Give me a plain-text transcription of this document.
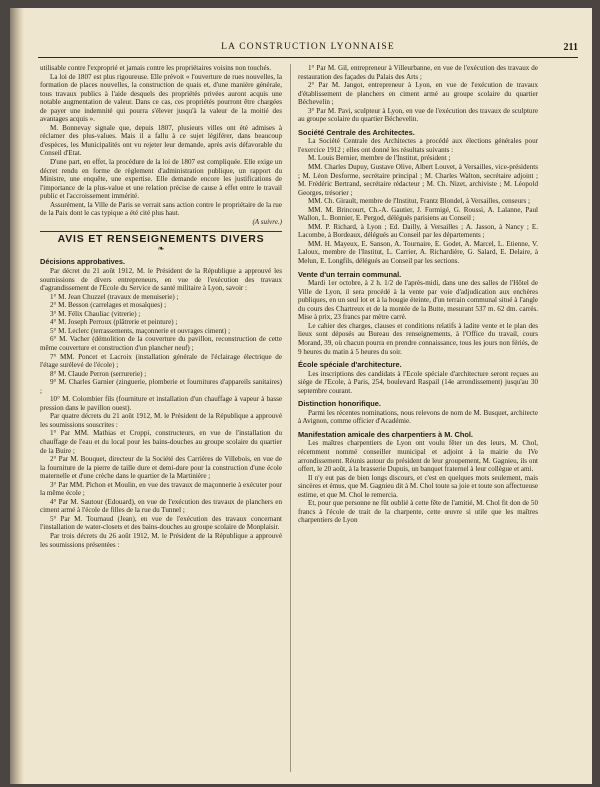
LA CONSTRUCTION LYONNAISE	211

utilisable contre l'exproprié et jamais contre les propriétaires voisins non touchés.

La loi de 1807 est plus rigoureuse. Elle prévoit « l'ouverture de rues nouvelles, la formation de places nouvelles, la construction de quais et, d'une manière générale, tous travaux publics à l'aide desquels des propriétés privées auront acquis une notable augmentation de valeur. Dans ce cas, ces propriétés pourront être chargées de payer une indemnité qui pourra s'élever jusqu'à la valeur de la moitié des avantages acquis ».

M. Bonnevay signale que, depuis 1807, plusieurs villes ont été admises à réclamer des plus-values. Mais il a fallu à ce sujet légiférer, dans beaucoup d'espèces, les Municipalités ont vu rejeter leur demande, après avis défavorable du Conseil d'Etat.

D'une part, en effet, la procédure de la loi de 1807 est compliquée. Elle exige un décret rendu en forme de règlement d'administration publique, un rapport du Ministre, une enquête, une expertise. Elle demande encore les justifications de l'importance de la plus-value et une relation précise de cause à effet entre le travail public et l'accroissement immérité.

Assurément, la Ville de Paris se verrait sans action contre le propriétaire de la rue de la Paix dont le cas typique a été cité plus haut.

(A suivre.)
AVIS ET RENSEIGNEMENTS DIVERS
❧

Décisions approbatives.

Par décret du 21 août 1912, M. le Président de la République a approuvé les soumissions de divers entrepreneurs, en vue de l'exécution des travaux d'agrandissement de l'Ecole du Service de santé militaire à Lyon, savoir :

1° M. Jean Chuzzel (travaux de menuiserie) ;

2° M. Besson (carrelages et mosaïques) ;

3° M. Félix Chauliac (vitrerie) ;

4° M. Joseph Perroux (plâtrerie et peinture) ;

5° M. Leclerc (terrassements, maçonnerie et ouvrages ciment) ;

6° M. Vacher (démolition de la couverture du pavillon, reconstruction de cette même couverture et construction d'un plancher neuf) ;

7° MM. Poncet et Lacroix (installation générale de l'éclairage électrique de l'étage surélevé de l'école) ;

8° M. Claude Perron (serrurerie) ;

9° M. Charles Garnier (zinguerie, plomberie et fournitures d'appareils sanitaires) ;

10° M. Colombier fils (fourniture et installation d'un chauffage à vapeur à basse pression dans le pavillon ouest).

Par quatre décrets du 21 août 1912, M. le Président de la République a approuvé les soumissions souscrites :

1° Par MM. Mathias et Croppi, constructeurs, en vue de l'installation du chauffage de l'eau et du local pour les bains-douches au groupe scolaire du quartier de la Buire ;

2° Par M. Bouquet, directeur de la Société des Carrières de Villebois, en vue de la fourniture de la pierre de taille dure et demi-dure pour la construction d'une école maternelle et d'une crèche dans le quartier de la Martinière ;

3° Par MM. Pichon et Moulin, en vue des travaux de maçonnerie à exécuter pour la même école ;

4° Par M. Sautour (Edouard), en vue de l'exécution des travaux de planchers en ciment armé à l'école de filles de la rue du Tunnel ;

5° Par M. Tournaud (Jean), en vue de l'exécution des travaux concernant l'installation de water-closets et des bains-douches au groupe scolaire de Monplaisir.

Par trois décrets du 26 août 1912, M. le Président de la République a approuvé les soumissions présentées :

1° Par M. Gil, entrepreneur à Villeurbanne, en vue de l'exécution des travaux de restauration des façades du Palais des Arts ;

2° Par M. Jangot, entrepreneur à Lyon, en vue de l'exécution de travaux d'établissement de planchers en ciment armé au groupe scolaire du quartier Béchevelin ;

3° Par M. Pavi, sculpteur à Lyon, en vue de l'exécution des travaux de sculpture au groupe scolaire du quartier Béchevelin.

Société Centrale des Architectes.

La Société Centrale des Architectes a procédé aux élections générales pour l'exercice 1912 ; elles ont donné les résultats suivants :

M. Louis Bernier, membre de l'Institut, président ;

MM. Charles Dupuy, Gustave Olive, Albert Louvet, à Versailles, vice-présidents ; M. Léon Desforme, secrétaire principal ; M. Charles Walton, secrétaire adjoint ; M. Frédéric Bertrand, secrétaire rédacteur ; M. Ch. Nizet, archiviste ; M. Léopold Georges, trésorier ;

MM. Ch. Girault, membre de l'Institut, Frantz Blondel, à Versailles, censeurs ;

MM. M. Brincourt, Ch.-A. Gautier, J. Formigé, G. Roussi, A. Lalanne, Paul Wallon, L. Bonnier, E. Pergod, délégués parisiens au Conseil ;

MM. P. Richard, à Lyon ; Ed. Dailly, à Versailles ; A. Jasson, à Nancy ; E. Lacombe, à Bordeaux, délégués au Conseil par les départements ;

MM. H. Mayeux, E. Sanson, A. Tournaire, E. Godet, A. Marcel, L. Etienne, V. Laloux, membre de l'Institut, L. Carrier, A. Richardière, G. Salard, E. Delaire, à Melun, E. Longfils, délégués au Conseil par les sections.

Vente d'un terrain communal.

Mardi 1er octobre, à 2 h. 1/2 de l'après-midi, dans une des salles de l'Hôtel de Ville de Lyon, il sera procédé à la vente par voie d'adjudication aux enchères publiques, en un seul lot et à la bougie éteinte, d'un terrain communal situé à l'angle du cours des Chartreux et de la montée de la Butte, mesurant 537 m. 62 dm. carrés. Mise à prix, 23 francs par mètre carré.

Le cahier des charges, clauses et conditions relatifs à ladite vente et le plan des lieux sont déposés au Bureau des renseignements, à l'Office du travail, cours Morand, 39, où chacun pourra en prendre connaissance, tous les jours non fériés, de 9 heures du matin à 5 heures du soir.

École spéciale d'architecture.

Les inscriptions des candidats à l'Ecole spéciale d'architecture seront reçues au siège de l'Ecole, à Paris, 254, boulevard Raspail (14e arrondissement) jusqu'au 30 septembre courant.

Distinction honorifique.

Parmi les récentes nominations, nous relevons de nom de M. Busquet, architecte à Avignon, comme officier d'Académie.

Manifestation amicale des charpentiers à M. Chol.

Les maîtres charpentiers de Lyon ont voulu fêter un des leurs, M. Chol, récemment nommé conseiller municipal et adjoint à la mairie du IVe arrondissement. Réunis autour du président de leur groupement, M. Gagnieu, ils ont offert, le 20 août, à la brasserie Dupuis, un banquet fraternel à leur collègue et ami.

Il n'y eut pas de bien longs discours, et c'est en quelques mots seulement, mais sincères et émus, que M. Gagnieu dit à M. Chol toute sa joie et toute son affectueuse estime, et que M. Chol le remercia.

Et, pour que personne ne fût oublié à cette fête de l'amitié, M. Chol fit don de 50 francs à l'école de trait de la charpente, cette œuvre si utile que les maîtres charpentiers de Lyon
